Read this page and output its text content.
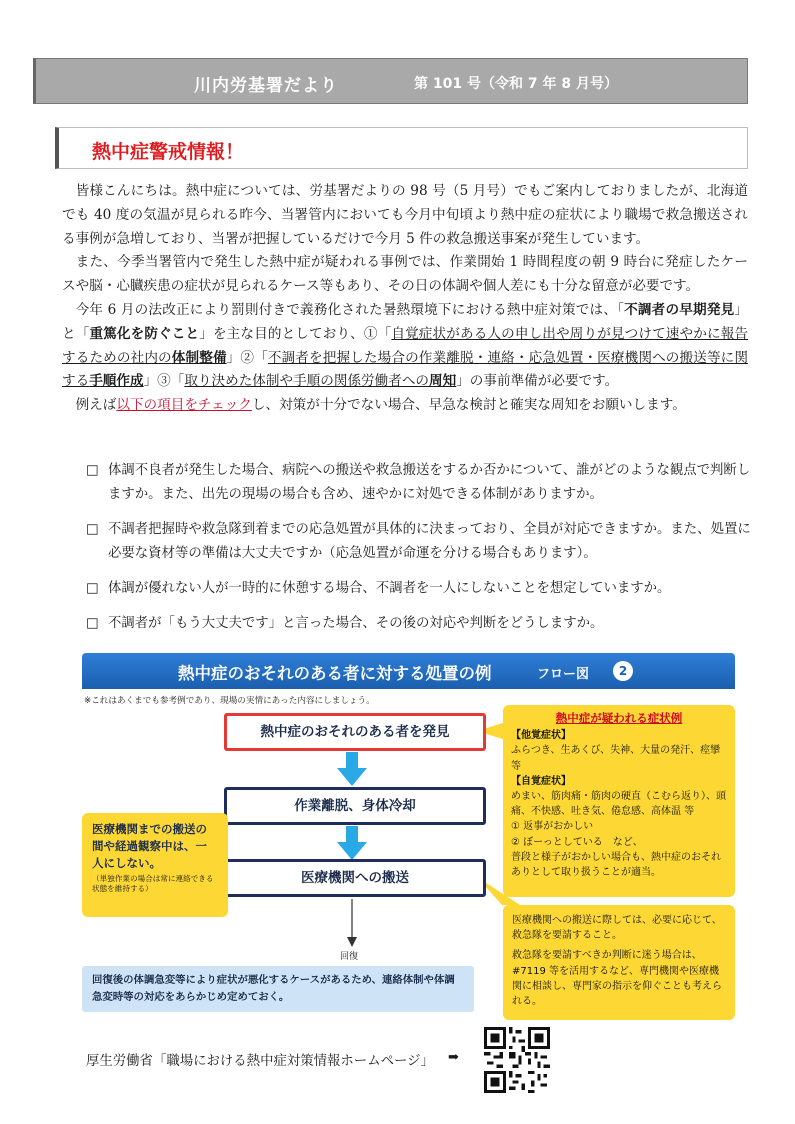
川内労基署だより	第 101 号（令和 7 年 8 月号）
熱中症警戒情報！

皆様こんにちは。熱中症については、労基署だよりの 98 号（5 月号）でもご案内しておりましたが、北海道でも 40 度の気温が見られる昨今、当署管内においても今月中旬頃より熱中症の症状により職場で救急搬送される事例が急増しており、当署が把握しているだけで今月 5 件の救急搬送事案が発生しています。

また、今季当署管内で発生した熱中症が疑われる事例では、作業開始 1 時間程度の朝 9 時台に発症したケースや脳・心臓疾患の症状が見られるケース等もあり、その日の体調や個人差にも十分な留意が必要です。

今年 6 月の法改正により罰則付きで義務化された暑熱環境下における熱中症対策では、「不調者の早期発見」と「重篤化を防ぐこと」を主な目的としており、①「自覚症状がある人の申し出や周りが見つけて速やかに報告するための社内の体制整備」②「不調者を把握した場合の作業離脱・連絡・応急処置・医療機関への搬送等に関する手順作成」③「取り決めた体制や手順の関係労働者への周知」の事前準備が必要です。

例えば以下の項目をチェックし、対策が十分でない場合、早急な検討と確実な周知をお願いします。

□ 体調不良者が発生した場合、病院への搬送や救急搬送をするか否かについて、誰がどのような観点で判断しますか。また、出先の現場の場合も含め、速やかに対処できる体制がありますか。
□ 不調者把握時や救急隊到着までの応急処置が具体的に決まっており、全員が対応できますか。また、処置に必要な資材等の準備は大丈夫ですか（応急処置が命運を分ける場合もあります）。
□ 体調が優れない人が一時的に休憩する場合、不調者を一人にしないことを想定していますか。
□ 不調者が「もう大丈夫です」と言った場合、その後の対応や判断をどうしますか。
熱中症のおそれのある者に対する処置の例	フロー図	2
※これはあくまでも参考例であり、現場の実情にあった内容にしましょう。
熱中症のおそれのある者を発見
作業離脱、身体冷却
医療機関への搬送
回復
医療機関までの搬送の間や経過観察中は、一人にしない。
（単独作業の場合は常に連絡できる状態を維持する）
熱中症が疑われる症状例
【他覚症状】
ふらつき、生あくび、失神、大量の発汗、痙攣 等
【自覚症状】
めまい、筋肉痛・筋肉の硬直（こむら返り）、頭痛、不快感、吐き気、倦怠感、高体温 等
① 返事がおかしい
② ぼーっとしている　など、
普段と様子がおかしい場合も、熱中症のおそれありとして取り扱うことが適当。
医療機関への搬送に際しては、必要に応じて、救急隊を要請すること。
救急隊を要請すべきか判断に迷う場合は、#7119 等を活用するなど、専門機関や医療機関に相談し、専門家の指示を仰ぐことも考えられる。
回復後の体調急変等により症状が悪化するケースがあるため、連絡体制や体調急変時等の対応をあらかじめ定めておく。
厚生労働省「職場における熱中症対策情報ホームページ」 ➡
